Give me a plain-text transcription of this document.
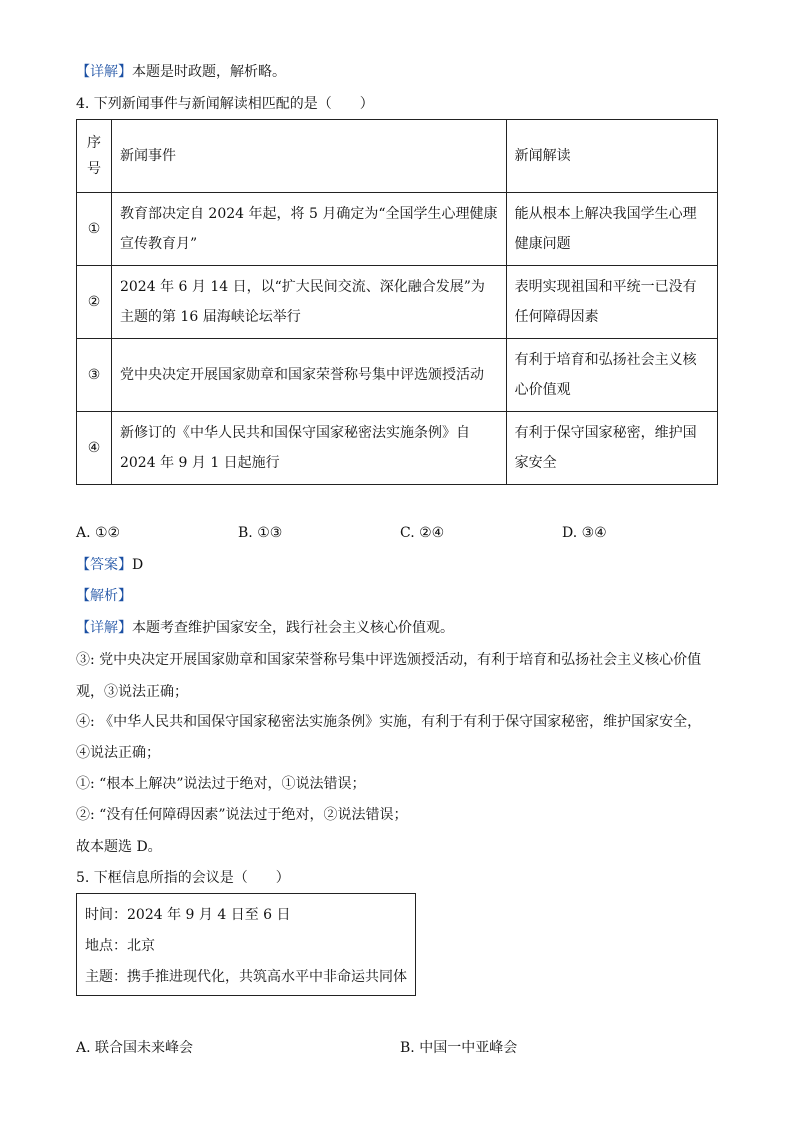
【详解】本题是时政题，解析略。
4. 下列新闻事件与新闻解读相匹配的是（　　）
序号	新闻事件	新闻解读
①	教育部决定自 2024 年起，将 5 月确定为“全国学生心理健康宣传教育月”	能从根本上解决我国学生心理健康问题
②	2024 年 6 月 14 日，以“扩大民间交流、深化融合发展”为主题的第 16 届海峡论坛举行	表明实现祖国和平统一已没有任何障碍因素
③	党中央决定开展国家勋章和国家荣誉称号集中评选颁授活动	有利于培育和弘扬社会主义核心价值观
④	新修订的《中华人民共和国保守国家秘密法实施条例》自 2024 年 9 月 1 日起施行	有利于保守国家秘密，维护国家安全
A. ①②	B. ①③	C. ②④	D. ③④
【答案】D
【解析】
【详解】本题考查维护国家安全，践行社会主义核心价值观。
③: 党中央决定开展国家勋章和国家荣誉称号集中评选颁授活动，有利于培育和弘扬社会主义核心价值
观，③说法正确；
④: 《中华人民共和国保守国家秘密法实施条例》实施，有利于有利于保守国家秘密，维护国家安全，
④说法正确；
①: “根本上解决”说法过于绝对，①说法错误；
②: “没有任何障碍因素”说法过于绝对，②说法错误；
故本题选 D。
5. 下框信息所指的会议是（　　）
时间：2024 年 9 月 4 日至 6 日
地点：北京
主题：携手推进现代化，共筑高水平中非命运共同体
A. 联合国未来峰会	B. 中国一中亚峰会
